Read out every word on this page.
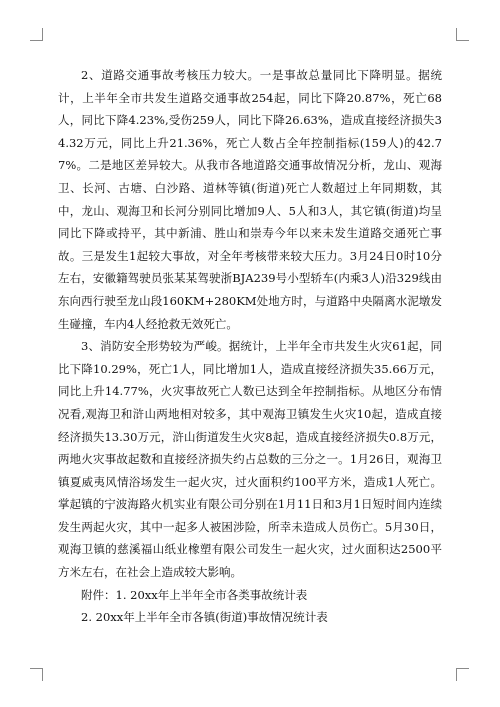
2、道路交通事故考核压力较大。一是事故总量同比下降明显。据统计，上半年全市共发生道路交通事故254起，同比下降20.87%，死亡68人，同比下降4.23%,受伤259人，同比下降26.63%，造成直接经济损失34.32万元，同比上升21.36%，死亡人数占全年控制指标(159人)的42.77%。二是地区差异较大。从我市各地道路交通事故情况分析，龙山、观海卫、长河、古塘、白沙路、道林等镇(街道)死亡人数超过上年同期数，其中，龙山、观海卫和长河分别同比增加9人、5人和3人，其它镇(街道)均呈同比下降或持平，其中新浦、胜山和崇寿今年以来未发生道路交通死亡事故。三是发生1起较大事故，对全年考核带来较大压力。3月24日0时10分左右，安徽籍驾驶员张某某驾驶浙BJA239号小型轿车(内乘3人)沿329线由东向西行驶至龙山段160KM+280KM处地方时，与道路中央隔离水泥墩发生碰撞，车内4人经抢救无效死亡。

3、消防安全形势较为严峻。据统计，上半年全市共发生火灾61起，同比下降10.29%，死亡1人，同比增加1人，造成直接经济损失35.66万元，同比上升14.77%，火灾事故死亡人数已达到全年控制指标。从地区分布情况看,观海卫和浒山两地相对较多，其中观海卫镇发生火灾10起，造成直接经济损失13.30万元，浒山街道发生火灾8起，造成直接经济损失0.8万元，两地火灾事故起数和直接经济损失约占总数的三分之一。1月26日，观海卫镇夏威夷风情浴场发生一起火灾，过火面积约100平方米，造成1人死亡。掌起镇的宁波海路火机实业有限公司分别在1月11日和3月1日短时间内连续发生两起火灾，其中一起多人被困涉险，所幸未造成人员伤亡。5月30日，观海卫镇的慈溪福山纸业橡塑有限公司发生一起火灾，过火面积达2500平方米左右，在社会上造成较大影响。

附件：1. 20xx年上半年全市各类事故统计表

2. 20xx年上半年全市各镇(街道)事故情况统计表
